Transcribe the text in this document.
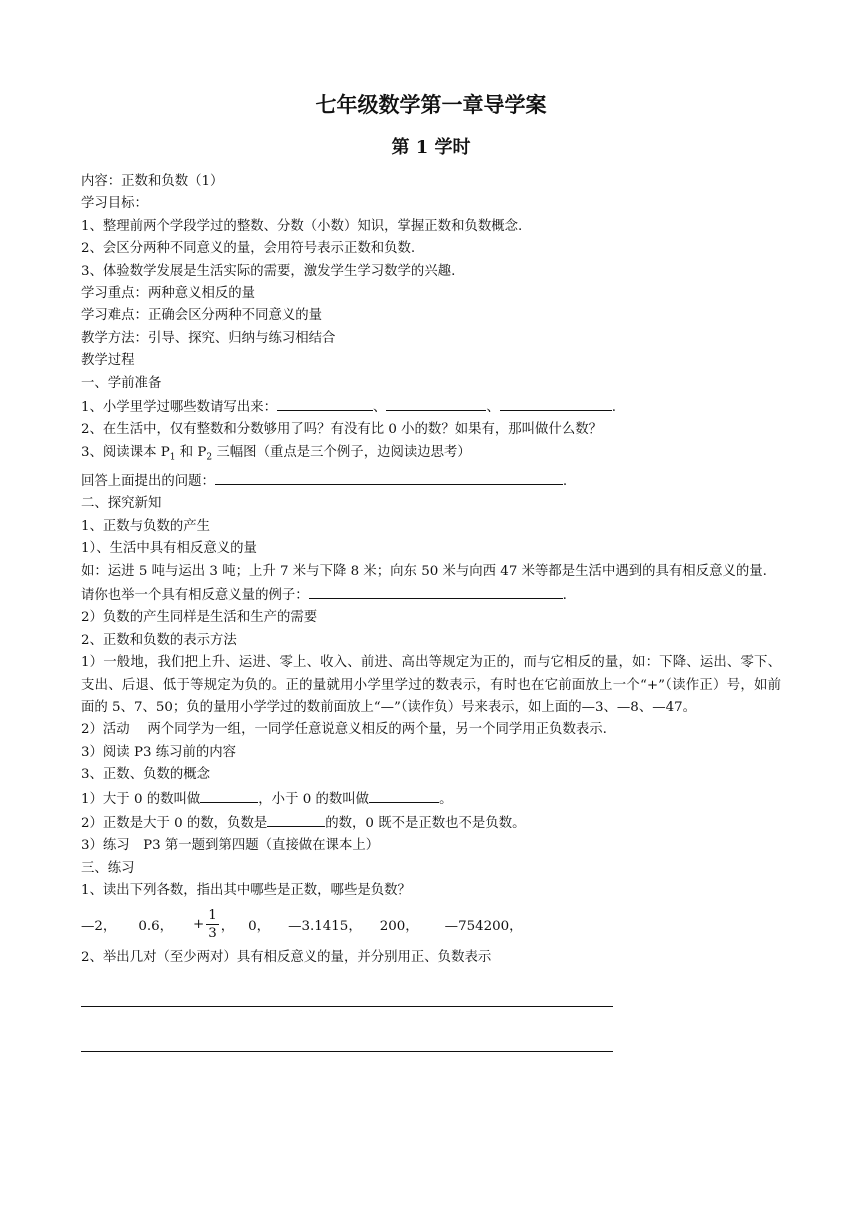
七年级数学第一章导学案
第 1 学时
内容：正数和负数（1）
学习目标：
1、整理前两个学段学过的整数、分数（小数）知识，掌握正数和负数概念.
2、会区分两种不同意义的量，会用符号表示正数和负数.
3、体验数学发展是生活实际的需要，激发学生学习数学的兴趣.
学习重点：两种意义相反的量
学习难点：正确会区分两种不同意义的量
教学方法：引导、探究、归纳与练习相结合
教学过程
一、学前准备
1、小学里学过哪些数请写出来：	、	、	.
2、在生活中，仅有整数和分数够用了吗？有没有比 0 小的数？如果有，那叫做什么数？
3、阅读课本 $P_1$ 和 $P_2$ 三幅图（重点是三个例子，边阅读边思考）
回答上面提出的问题：	.
二、探究新知
1、正数与负数的产生
1）、生活中具有相反意义的量
如：运进 5 吨与运出 3 吨；上升 7 米与下降 8 米；向东 50 米与向西 47 米等都是生活中遇到的具有相反意义的量.
请你也举一个具有相反意义量的例子：	.
2）负数的产生同样是生活和生产的需要
2、正数和负数的表示方法
1）一般地，我们把上升、运进、零上、收入、前进、高出等规定为正的，而与它相反的量，如：下降、运出、零下、支出、后退、低于等规定为负的。正的量就用小学里学过的数表示，有时也在它前面放上一个“+”（读作正）号，如前面的 5、7、50；负的量用小学学过的数前面放上“—”（读作负）号来表示，如上面的—3、—8、—47。
2）活动　 两个同学为一组，一同学任意说意义相反的两个量，另一个同学用正负数表示.
3）阅读 P3 练习前的内容
3、正数、负数的概念
1）大于 0 的数叫做	，小于 0 的数叫做	。
2）正数是大于 0 的数，负数是	的数，0 既不是正数也不是负数。
3）练习　P3 第一题到第四题（直接做在课本上）
三、练习
1、读出下列各数，指出其中哪些是正数，哪些是负数？
—2， 0.6， + $\frac{1}{3}$ ， 0， —3.1415， 200， —754200，
2、举出几对（至少两对）具有相反意义的量，并分别用正、负数表示
